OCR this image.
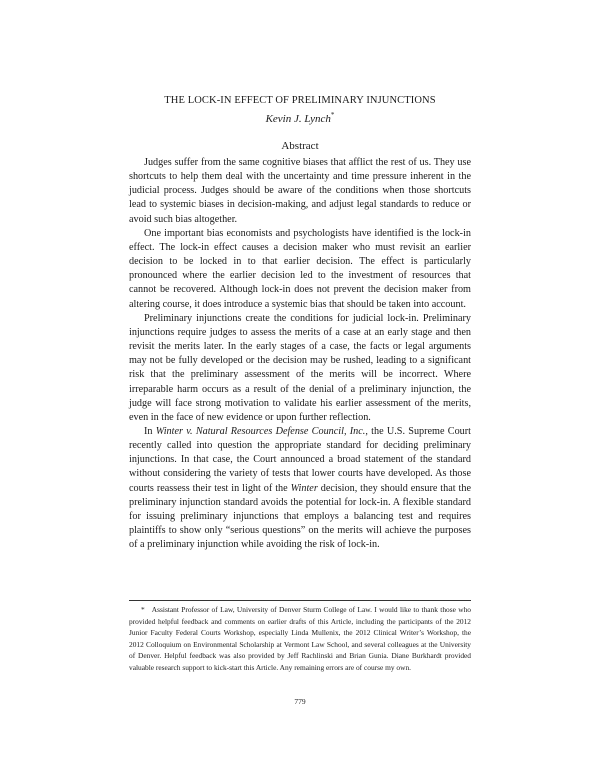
THE LOCK-IN EFFECT OF PRELIMINARY INJUNCTIONS
Kevin J. Lynch*
Abstract

Judges suffer from the same cognitive biases that afflict the rest of us. They use shortcuts to help them deal with the uncertainty and time pressure inherent in the judicial process. Judges should be aware of the conditions when those shortcuts lead to systemic biases in decision-making, and adjust legal standards to reduce or avoid such bias altogether.

One important bias economists and psychologists have identified is the lock-in effect. The lock-in effect causes a decision maker who must revisit an earlier decision to be locked in to that earlier decision. The effect is particularly pronounced where the earlier decision led to the investment of resources that cannot be recovered. Although lock-in does not prevent the decision maker from altering course, it does introduce a systemic bias that should be taken into account.

Preliminary injunctions create the conditions for judicial lock-in. Preliminary injunctions require judges to assess the merits of a case at an early stage and then revisit the merits later. In the early stages of a case, the facts or legal arguments may not be fully developed or the decision may be rushed, leading to a significant risk that the preliminary assessment of the merits will be incorrect. Where irreparable harm occurs as a result of the denial of a preliminary injunction, the judge will face strong motivation to validate his earlier assessment of the merits, even in the face of new evidence or upon further reflection.

In Winter v. Natural Resources Defense Council, Inc., the U.S. Supreme Court recently called into question the appropriate standard for deciding preliminary injunctions. In that case, the Court announced a broad statement of the standard without considering the variety of tests that lower courts have developed. As those courts reassess their test in light of the Winter decision, they should ensure that the preliminary injunction standard avoids the potential for lock-in. A flexible standard for issuing preliminary injunctions that employs a balancing test and requires plaintiffs to show only “serious questions” on the merits will achieve the purposes of a preliminary injunction while avoiding the risk of lock-in.

* Assistant Professor of Law, University of Denver Sturm College of Law. I would like to thank those who provided helpful feedback and comments on earlier drafts of this Article, including the participants of the 2012 Junior Faculty Federal Courts Workshop, especially Linda Mullenix, the 2012 Clinical Writer’s Workshop, the 2012 Colloquium on Environmental Scholarship at Vermont Law School, and several colleagues at the University of Denver. Helpful feedback was also provided by Jeff Rachlinski and Brian Gunia. Diane Burkhardt provided valuable research support to kick-start this Article. Any remaining errors are of course my own.

779
